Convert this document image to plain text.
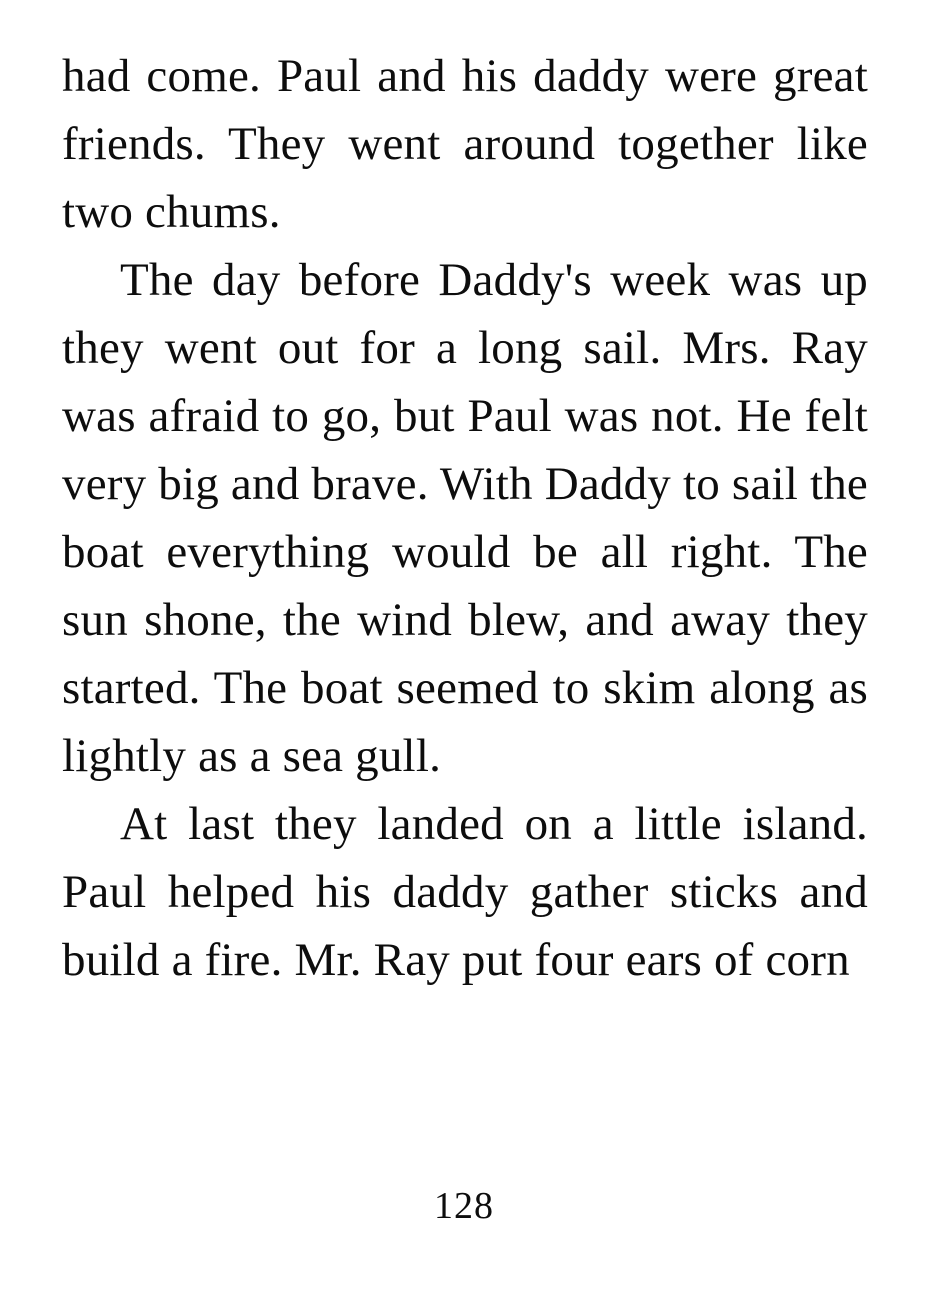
had come. Paul and his daddy were great friends. They went around together like two chums.

The day before Daddy's week was up they went out for a long sail. Mrs. Ray was afraid to go, but Paul was not. He felt very big and brave. With Daddy to sail the boat everything would be all right. The sun shone, the wind blew, and away they started. The boat seemed to skim along as lightly as a sea gull.

At last they landed on a little island. Paul helped his daddy gather sticks and build a fire. Mr. Ray put four ears of corn

128
